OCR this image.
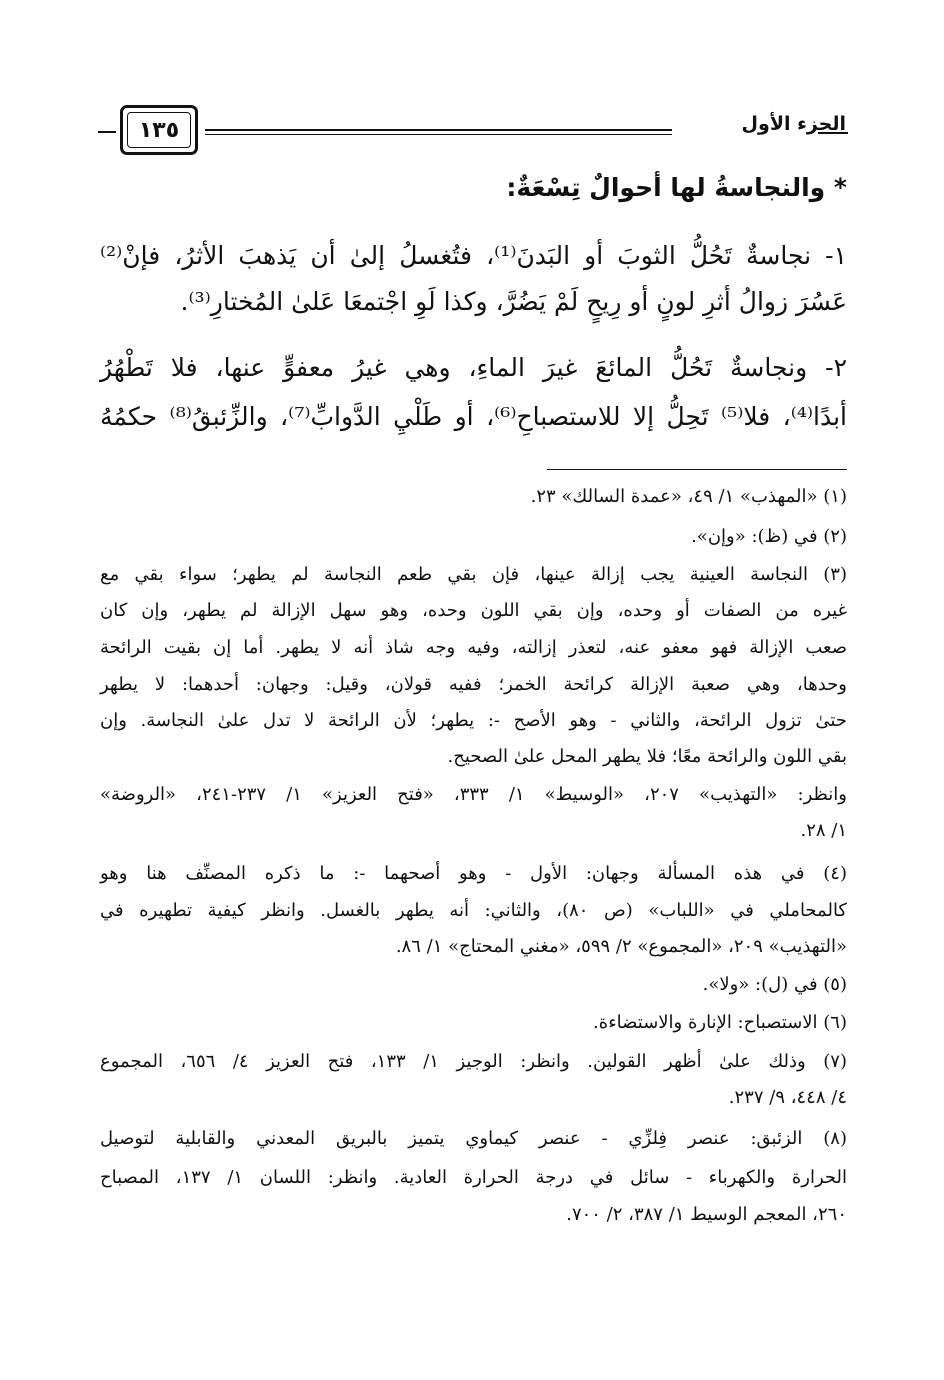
الجزء الأول
١٣٥
* والنجاسةُ لها أحوالٌ تِسْعَةٌ:
١- نجاسةٌ تَحُلُّ الثوبَ أو البَدنَ⁽¹⁾، فتُغسلُ إلىٰ أن يَذهبَ الأثرُ، فإنْ⁽²⁾
عَسُرَ زوالُ أثرِ لونٍ أو رِيحٍ لَمْ يَضُرَّ، وكذا لَوِ اجْتمعَا عَلىٰ المُختارِ⁽³⁾.
٢- ونجاسةٌ تَحُلُّ المائعَ غيرَ الماءِ، وهي غيرُ معفوٍّ عنها، فلا تَطْهُرُ
أبدًا⁽⁴⁾، فلا⁽⁵⁾ تَحِلُّ إلا للاستصباحِ⁽⁶⁾، أو طَلْيِ الدَّوابِّ⁽⁷⁾، والزِّئبقُ⁽⁸⁾ حكمُهُ
(١) «المهذب» ١/ ٤٩، «عمدة السالك» ٢٣.
(٢) في (ظ): «وإن».
(٣) النجاسة العينية يجب إزالة عينها، فإن بقي طعم النجاسة لم يطهر؛ سواء بقي مع
غيره من الصفات أو وحده، وإن بقي اللون وحده، وهو سهل الإزالة لم يطهر، وإن كان
صعب الإزالة فهو معفو عنه، لتعذر إزالته، وفيه وجه شاذ أنه لا يطهر. أما إن بقيت الرائحة
وحدها، وهي صعبة الإزالة كرائحة الخمر؛ ففيه قولان، وقيل: وجهان: أحدهما: لا يطهر
حتىٰ تزول الرائحة، والثاني - وهو الأصح -: يطهر؛ لأن الرائحة لا تدل علىٰ النجاسة. وإن
بقي اللون والرائحة معًا؛ فلا يطهر المحل علىٰ الصحيح.
وانظر: «التهذيب» ٢٠٧، «الوسيط» ١/ ٣٣٣، «فتح العزيز» ١/ ٢٣٧-٢٤١، «الروضة»
١/ ٢٨.
(٤) في هذه المسألة وجهان: الأول - وهو أصحهما -: ما ذكره المصنِّف هنا وهو
كالمحاملي في «اللباب» (ص ٨٠)، والثاني: أنه يطهر بالغسل. وانظر كيفية تطهيره في
«التهذيب» ٢٠٩، «المجموع» ٢/ ٥٩٩، «مغني المحتاج» ١/ ٨٦.
(٥) في (ل): «ولا».
(٦) الاستصباح: الإنارة والاستضاءة.
(٧) وذلك علىٰ أظهر القولين. وانظر: الوجيز ١/ ١٣٣، فتح العزيز ٤/ ٦٥٦، المجموع
٤/ ٤٤٨، ٩/ ٢٣٧.
(٨) الزئبق: عنصر فِلزِّي - عنصر كيماوي يتميز بالبريق المعدني والقابلية لتوصيل
الحرارة والكهرباء - سائل في درجة الحرارة العادية. وانظر: اللسان ١/ ١٣٧، المصباح
٢٦٠، المعجم الوسيط ١/ ٣٨٧، ٢/ ٧٠٠.
